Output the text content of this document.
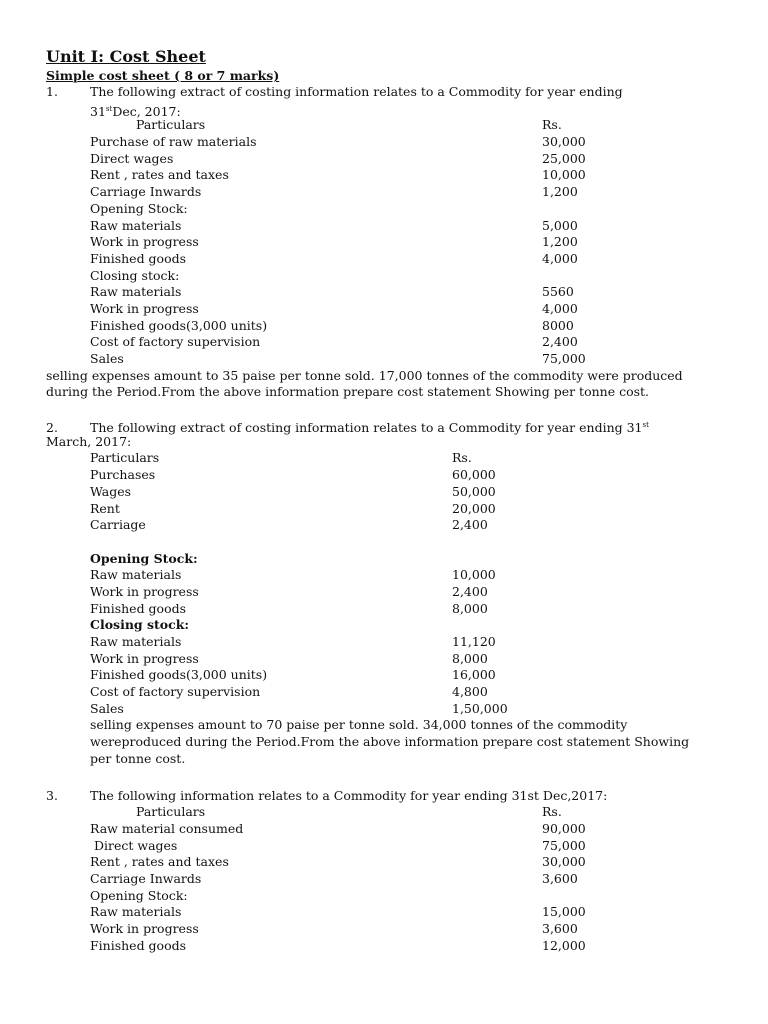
Unit I: Cost Sheet
Simple cost sheet ( 8 or 7 marks)
1.	The following extract of costing information relates to a Commodity for year ending
31stDec, 2017:
Particulars	Rs.
Purchase of raw materials	30,000
Direct wages	25,000
Rent , rates and taxes	10,000
Carriage Inwards	1,200
Opening Stock:
Raw materials	5,000
Work in progress	1,200
Finished goods	4,000
Closing stock:
Raw materials	5560
Work in progress	4,000
Finished goods(3,000 units)	8000
Cost of factory supervision	2,400
Sales	75,000
selling expenses amount to 35 paise per tonne sold. 17,000 tonnes of the commodity were produced
during the Period.From the above information prepare cost statement Showing per tonne cost.
2.	The following extract of costing information relates to a Commodity for year ending 31st
March, 2017:
Particulars	Rs.
Purchases	60,000
Wages	50,000
Rent	20,000
Carriage	2,400
Opening Stock:
Raw materials	10,000
Work in progress	2,400
Finished goods	8,000
Closing stock:
Raw materials	11,120
Work in progress	8,000
Finished goods(3,000 units)	16,000
Cost of factory supervision	4,800
Sales	1,50,000
selling expenses amount to 70 paise per tonne sold. 34,000 tonnes of the commodity
wereproduced during the Period.From the above information prepare cost statement Showing
per tonne cost.
3.	The following information relates to a Commodity for year ending 31st Dec,2017:
Particulars	Rs.
Raw material consumed	90,000
Direct wages	75,000
Rent , rates and taxes	30,000
Carriage Inwards	3,600
Opening Stock:
Raw materials	15,000
Work in progress	3,600
Finished goods	12,000
